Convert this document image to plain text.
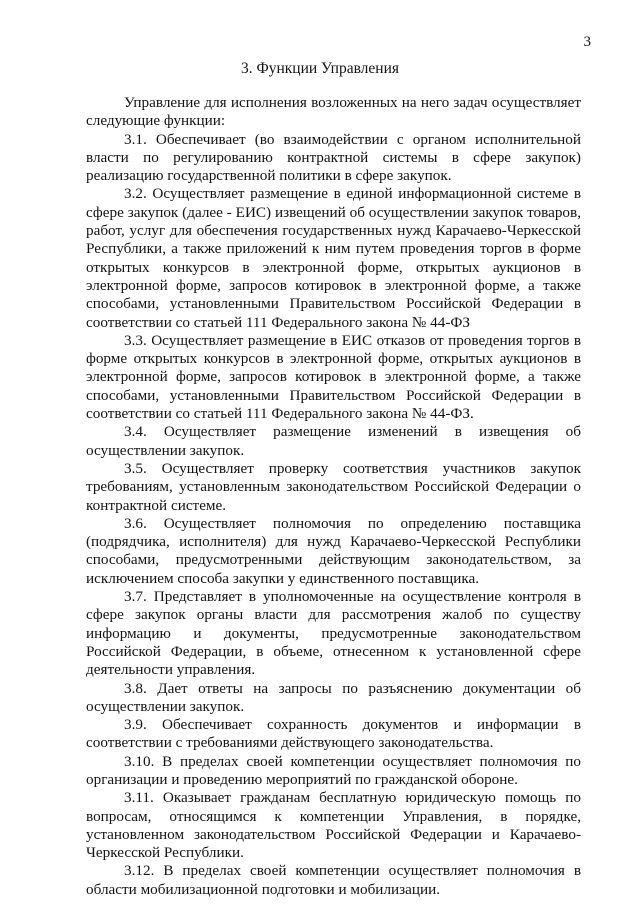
3
3. Функции Управления

Управление для исполнения возложенных на него задач осуществляет следующие функции:

3.1. Обеспечивает (во взаимодействии с органом исполнительной власти по регулированию контрактной системы в сфере закупок) реализацию государственной политики в сфере закупок.

3.2. Осуществляет размещение в единой информационной системе в сфере закупок (далее - ЕИС) извещений об осуществлении закупок товаров, работ, услуг для обеспечения государственных нужд Карачаево-Черкесской Республики, а также приложений к ним путем проведения торгов в форме открытых конкурсов в электронной форме, открытых аукционов в электронной форме, запросов котировок в электронной форме, а также способами, установленными Правительством Российской Федерации в соответствии со статьей 111 Федерального закона № 44-ФЗ

3.3. Осуществляет размещение в ЕИС отказов от проведения торгов в форме открытых конкурсов в электронной форме, открытых аукционов в электронной форме, запросов котировок в электронной форме, а также способами, установленными Правительством Российской Федерации в соответствии со статьей 111 Федерального закона № 44-ФЗ.

3.4. Осуществляет размещение изменений в извещения об осуществлении закупок.

3.5. Осуществляет проверку соответствия участников закупок требованиям, установленным законодательством Российской Федерации о контрактной системе.

3.6. Осуществляет полномочия по определению поставщика (подрядчика, исполнителя) для нужд Карачаево-Черкесской Республики способами, предусмотренными действующим законодательством, за исключением способа закупки у единственного поставщика.

3.7. Представляет в уполномоченные на осуществление контроля в сфере закупок органы власти для рассмотрения жалоб по существу информацию и документы, предусмотренные законодательством Российской Федерации, в объеме, отнесенном к установленной сфере деятельности управления.

3.8. Дает ответы на запросы по разъяснению документации об осуществлении закупок.

3.9. Обеспечивает сохранность документов и информации в соответствии с требованиями действующего законодательства.

3.10. В пределах своей компетенции осуществляет полномочия по организации и проведению мероприятий по гражданской обороне.

3.11. Оказывает гражданам бесплатную юридическую помощь по вопросам, относящимся к компетенции Управления, в порядке, установленном законодательством Российской Федерации и Карачаево-Черкесской Республики.

3.12. В пределах своей компетенции осуществляет полномочия в области мобилизационной подготовки и мобилизации.
